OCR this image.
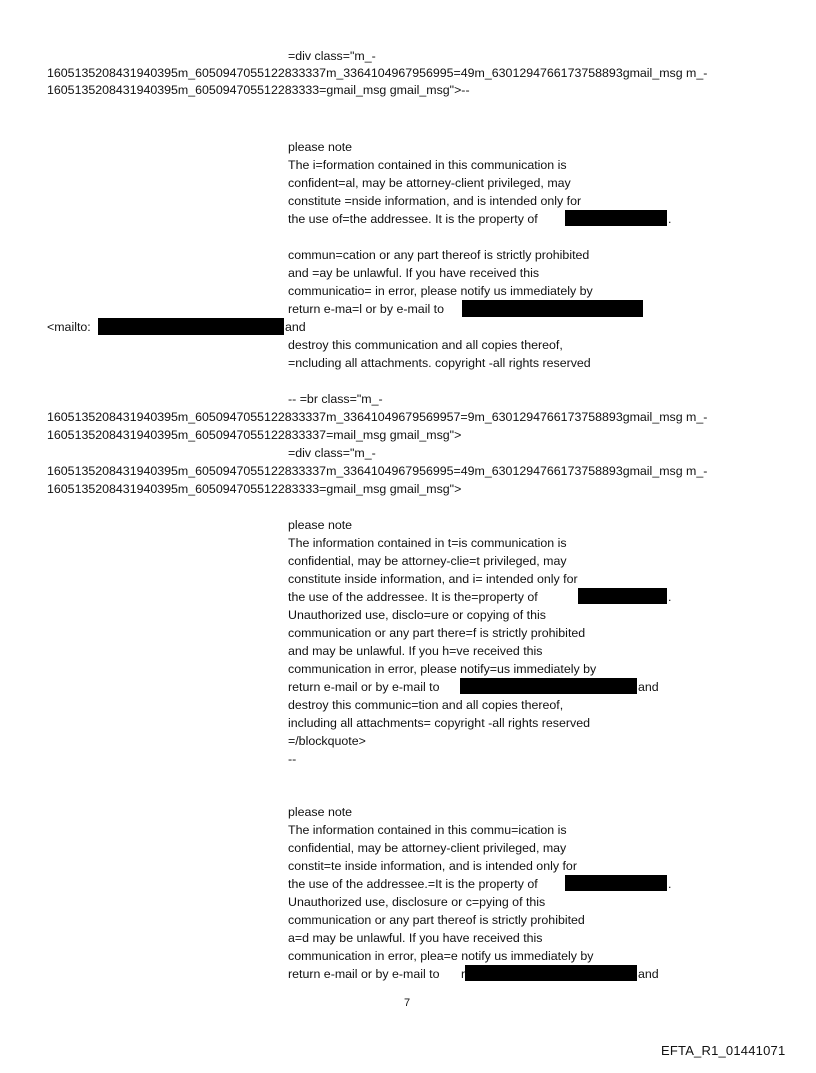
=div class="m_-
1605135208431940395m_6050947055122833337m_3364104967956995=49m_6301294766173758893gmail_msg m_-
1605135208431940395m_605094705512283333=gmail_msg gmail_msg">--
please note
The i=formation contained in this communication is
confident=al, may be attorney-client privileged, may
constitute =nside information, and is intended only for
the use of=the addressee. It is the property of	.
commun=cation or any part thereof is strictly prohibited
and =ay be unlawful. If you have received this
communicatio= in error, please notify us immediately by
return e-ma=l or by e-mail to
<mailto:	and
destroy this communication and all copies thereof,
=ncluding all attachments. copyright -all rights reserved
-- =br class="m_-
1605135208431940395m_6050947055122833337m_33641049679569957=9m_6301294766173758893gmail_msg m_-
1605135208431940395m_6050947055122833337=mail_msg gmail_msg">
=div class="m_-
1605135208431940395m_6050947055122833337m_3364104967956995=49m_6301294766173758893gmail_msg m_-
1605135208431940395m_605094705512283333=gmail_msg gmail_msg">
please note
The information contained in t=is communication is
confidential, may be attorney-clie=t privileged, may
constitute inside information, and i= intended only for
the use of the addressee. It is the=property of	.
Unauthorized use, disclo=ure or copying of this
communication or any part there=f is strictly prohibited
and may be unlawful. If you h=ve received this
communication in error, please notify=us immediately by
return e-mail or by e-mail to	and
destroy this communic=tion and all copies thereof,
including all attachments= copyright -all rights reserved
=/blockquote>
--
please note
The information contained in this commu=ication is
confidential, may be attorney-client privileged, may
constit=te inside information, and is intended only for
the use of the addressee.=It is the property of	.
Unauthorized use, disclosure or c=pying of this
communication or any part thereof is strictly prohibited
a=d may be unlawful. If you have received this
communication in error, plea=e notify us immediately by
return e-mail or by e-mail to r	and
7
EFTA_R1_01441071
